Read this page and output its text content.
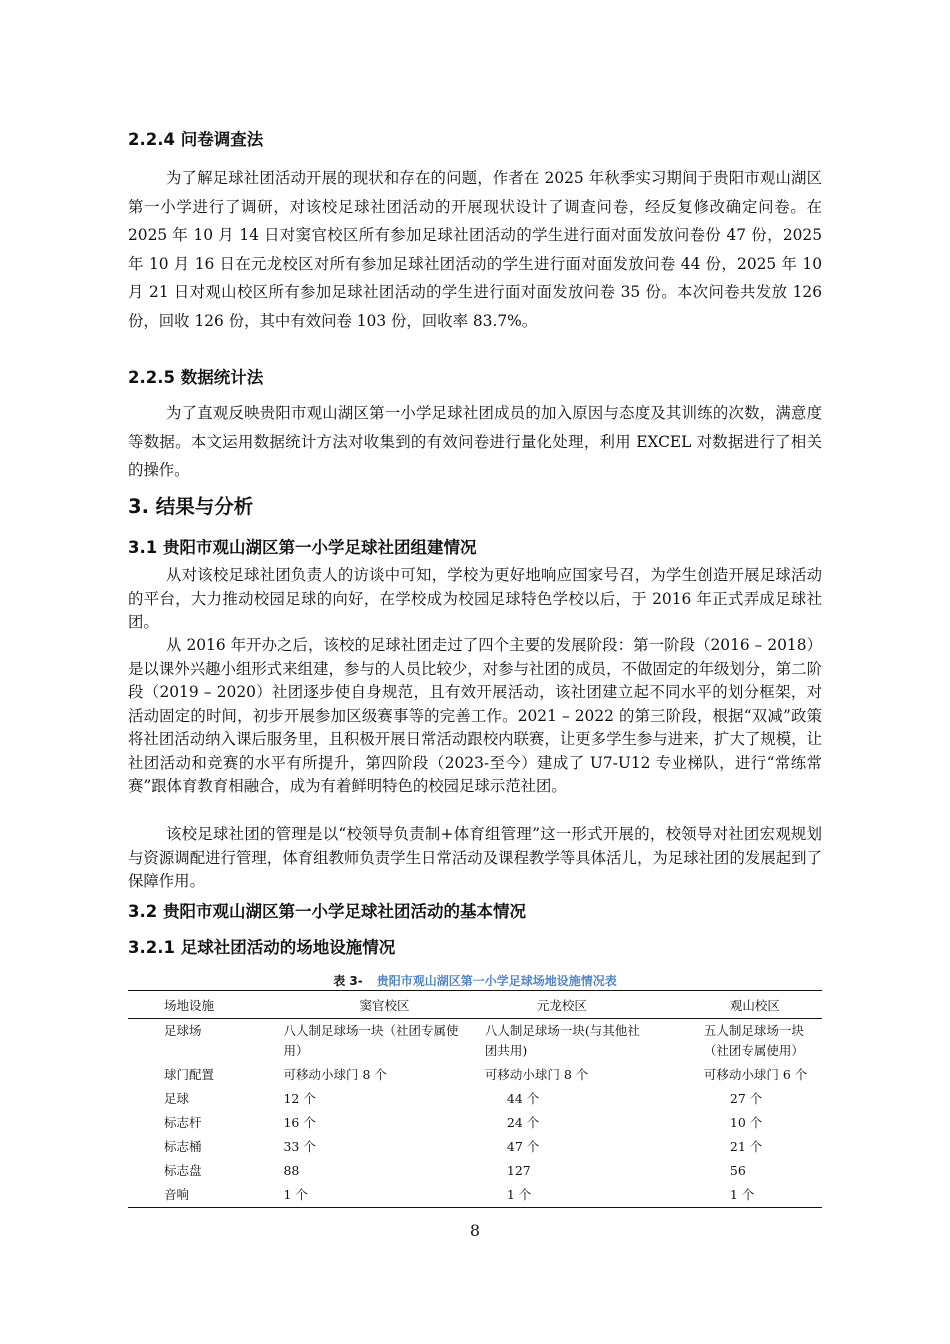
2.2.4 问卷调查法

为了解足球社团活动开展的现状和存在的问题，作者在 2025 年秋季实习期间于贵阳市观山湖区第一小学进行了调研，对该校足球社团活动的开展现状设计了调查问卷，经反复修改确定问卷。在 2025 年 10 月 14 日对窦官校区所有参加足球社团活动的学生进行面对面发放问卷份 47 份，2025 年 10 月 16 日在元龙校区对所有参加足球社团活动的学生进行面对面发放问卷 44 份，2025 年 10 月 21 日对观山校区所有参加足球社团活动的学生进行面对面发放问卷 35 份。本次问卷共发放 126 份，回收 126 份，其中有效问卷 103 份，回收率 83.7%。

2.2.5 数据统计法

为了直观反映贵阳市观山湖区第一小学足球社团成员的加入原因与态度及其训练的次数，满意度等数据。本文运用数据统计方法对收集到的有效问卷进行量化处理，利用 EXCEL 对数据进行了相关的操作。

3. 结果与分析
3.1 贵阳市观山湖区第一小学足球社团组建情况

从对该校足球社团负责人的访谈中可知，学校为更好地响应国家号召，为学生创造开展足球活动的平台，大力推动校园足球的向好，在学校成为校园足球特色学校以后，于 2016 年正式弄成足球社团。

从 2016 年开办之后，该校的足球社团走过了四个主要的发展阶段：第一阶段（2016 – 2018）是以课外兴趣小组形式来组建，参与的人员比较少，对参与社团的成员，不做固定的年级划分，第二阶段（2019 – 2020）社团逐步使自身规范，且有效开展活动，该社团建立起不同水平的划分框架，对活动固定的时间，初步开展参加区级赛事等的完善工作。2021 – 2022 的第三阶段，根据“双减”政策将社团活动纳入课后服务里，且积极开展日常活动跟校内联赛，让更多学生参与进来，扩大了规模，让社团活动和竞赛的水平有所提升，第四阶段（2023-至今）建成了 U7-U12 专业梯队，进行“常练常赛”跟体育教育相融合，成为有着鲜明特色的校园足球示范社团。

该校足球社团的管理是以“校领导负责制+体育组管理”这一形式开展的，校领导对社团宏观规划与资源调配进行管理，体育组教师负责学生日常活动及课程教学等具体活儿，为足球社团的发展起到了保障作用。

3.2 贵阳市观山湖区第一小学足球社团活动的基本情况
3.2.1 足球社团活动的场地设施情况
表 3- 贵阳市观山湖区第一小学足球场地设施情况表
场地设施	窦官校区	元龙校区	观山校区
足球场	八人制足球场一块（社团专属使用）	八人制足球场一块(与其他社团共用)	五人制足球场一块（社团专属使用）
球门配置	可移动小球门 8 个	可移动小球门 8 个	可移动小球门 6 个
足球	12 个	44 个	27 个
标志杆	16 个	24 个	10 个
标志桶	33 个	47 个	21 个
标志盘	88	127	56
音响	1 个	1 个	1 个
8
